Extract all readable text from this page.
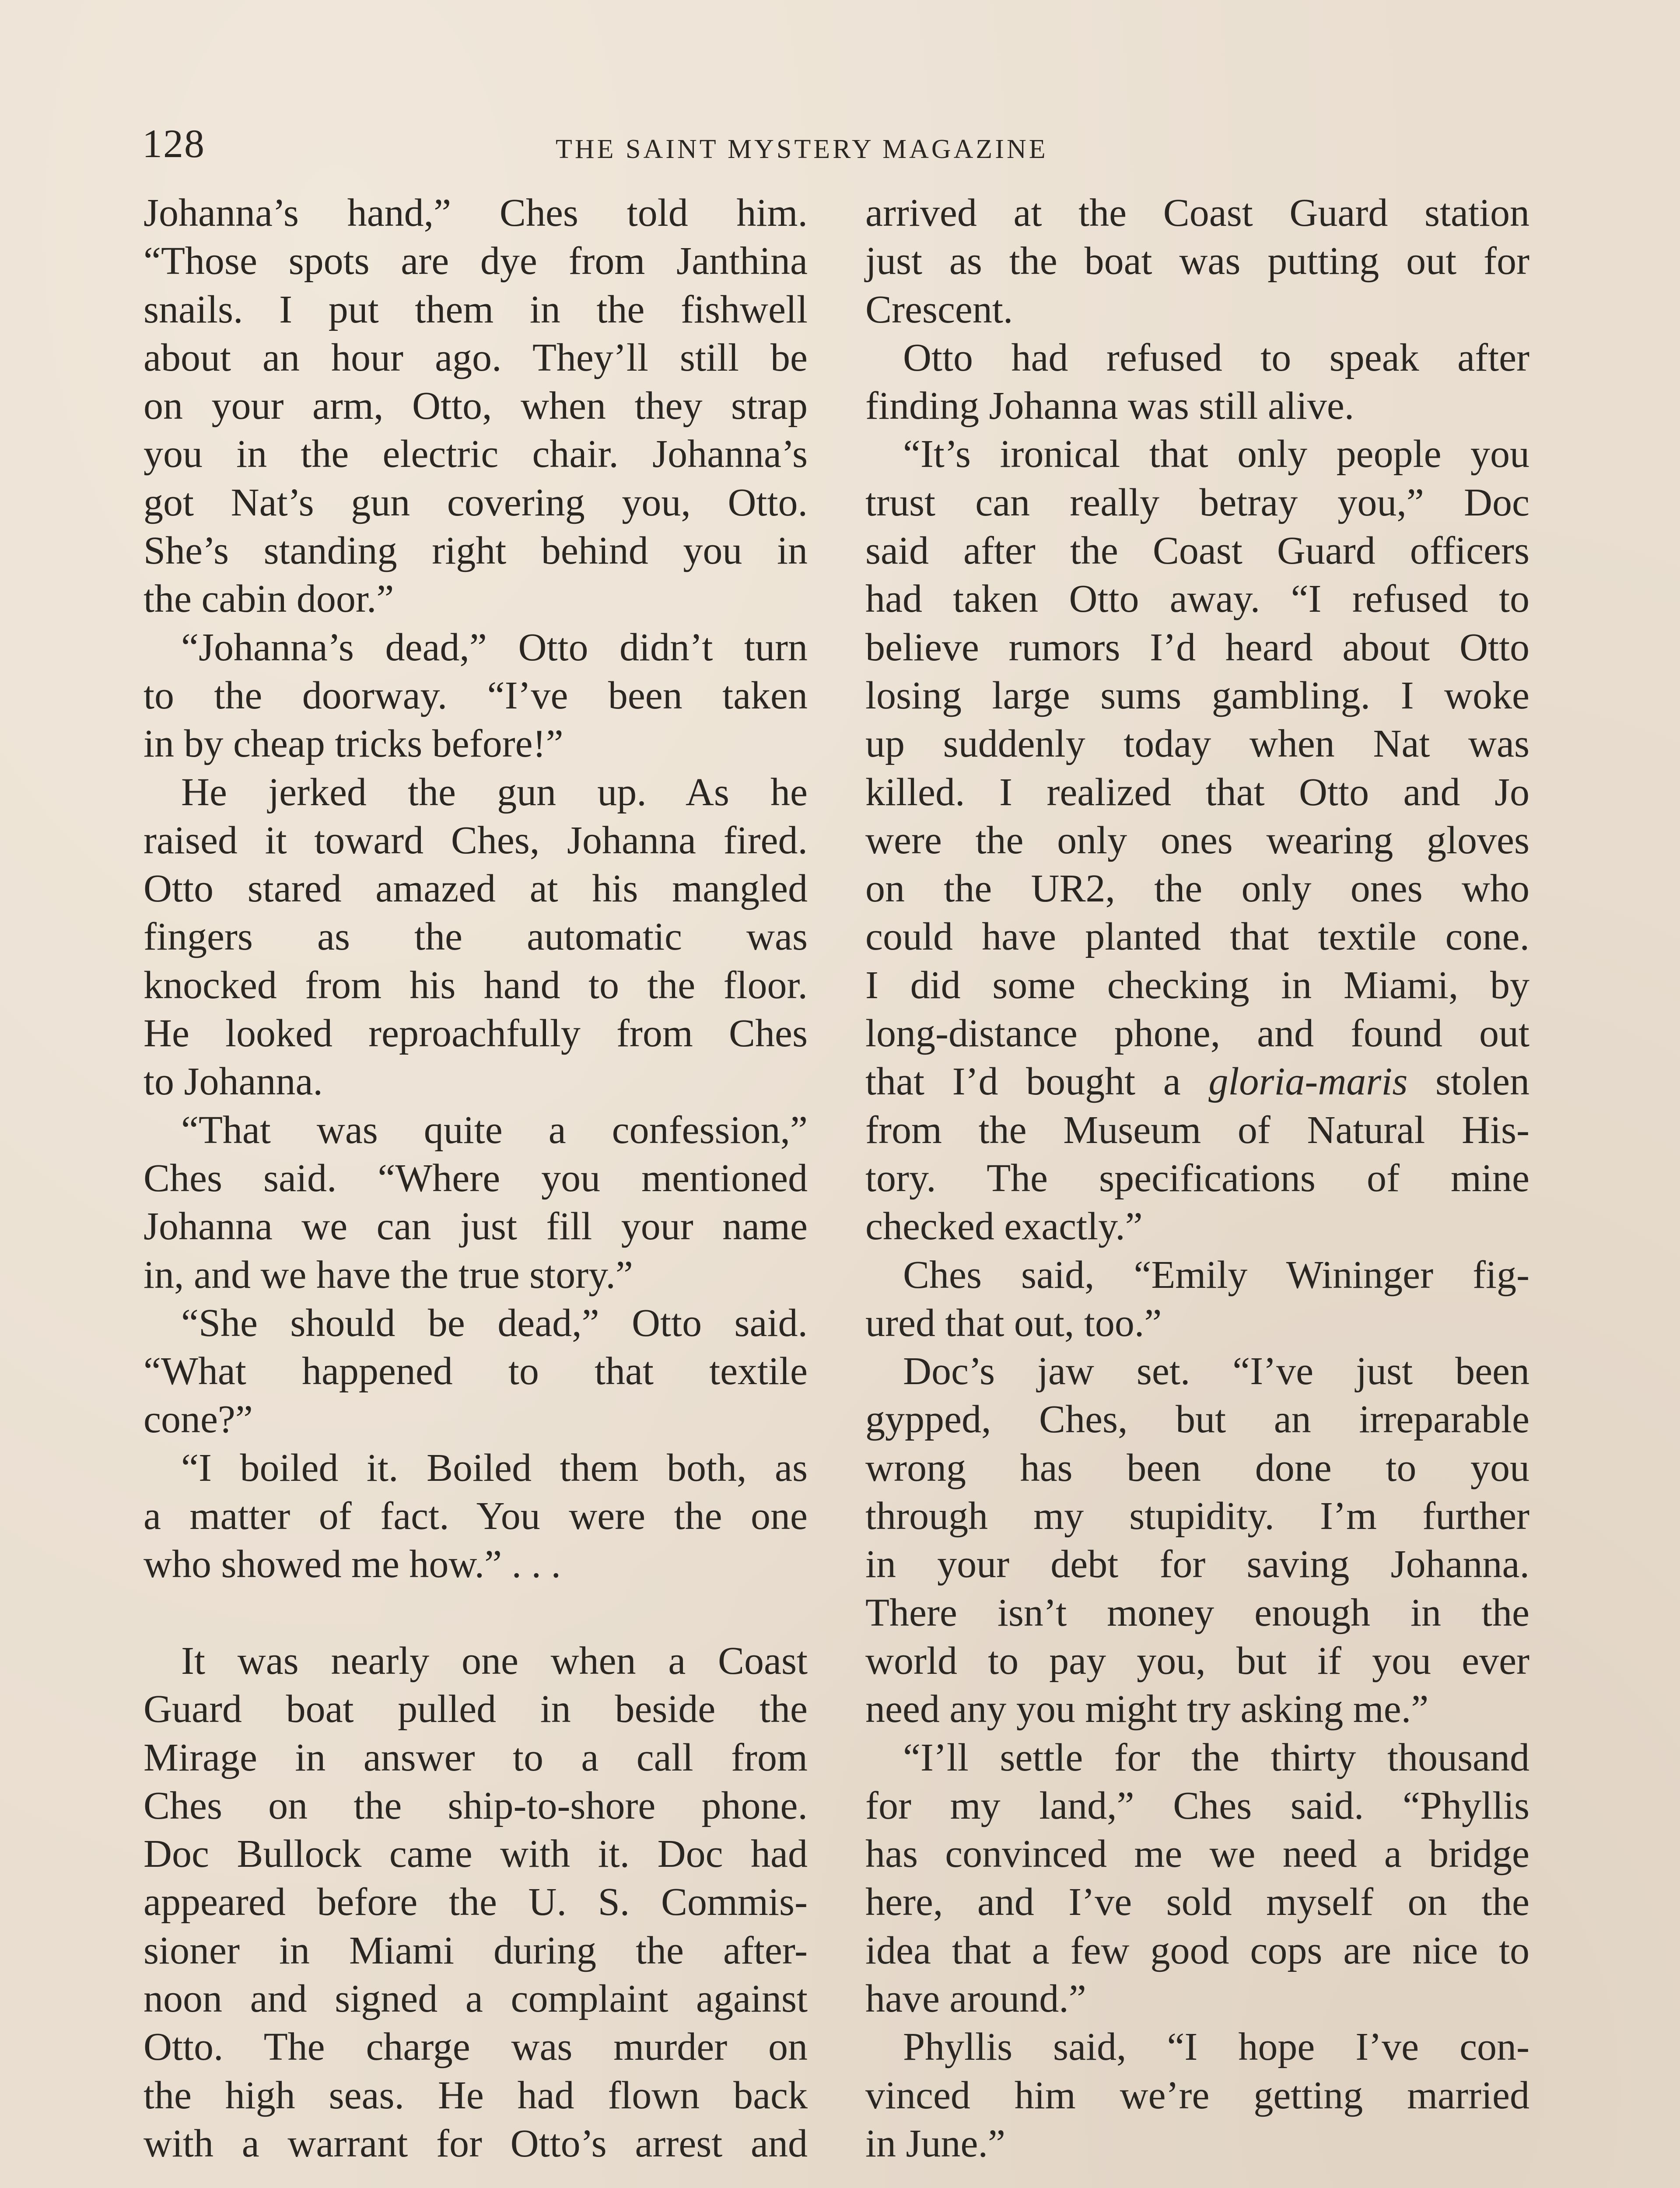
128	THE SAINT MYSTERY MAGAZINE
Johanna’s hand,” Ches told him.
“Those spots are dye from Janthina
snails. I put them in the fishwell
about an hour ago. They’ll still be
on your arm, Otto, when they strap
you in the electric chair. Johanna’s
got Nat’s gun covering you, Otto.
She’s standing right behind you in
the cabin door.”
“Johanna’s dead,” Otto didn’t turn
to the doorway. “I’ve been taken
in by cheap tricks before!”
He jerked the gun up. As he
raised it toward Ches, Johanna fired.
Otto stared amazed at his mangled
fingers as the automatic was
knocked from his hand to the floor.
He looked reproachfully from Ches
to Johanna.
“That was quite a confession,”
Ches said. “Where you mentioned
Johanna we can just fill your name
in, and we have the true story.”
“She should be dead,” Otto said.
“What happened to that textile
cone?”
“I boiled it. Boiled them both, as
a matter of fact. You were the one
who showed me how.” . . .
It was nearly one when a Coast
Guard boat pulled in beside the
Mirage in answer to a call from
Ches on the ship-to-shore phone.
Doc Bullock came with it. Doc had
appeared before the U. S. Commis-
sioner in Miami during the after-
noon and signed a complaint against
Otto. The charge was murder on
the high seas. He had flown back
with a warrant for Otto’s arrest and
arrived at the Coast Guard station
just as the boat was putting out for
Crescent.
Otto had refused to speak after
finding Johanna was still alive.
“It’s ironical that only people you
trust can really betray you,” Doc
said after the Coast Guard officers
had taken Otto away. “I refused to
believe rumors I’d heard about Otto
losing large sums gambling. I woke
up suddenly today when Nat was
killed. I realized that Otto and Jo
were the only ones wearing gloves
on the UR2, the only ones who
could have planted that textile cone.
I did some checking in Miami, by
long-distance phone, and found out
that I’d bought a gloria-maris stolen
from the Museum of Natural His-
tory. The specifications of mine
checked exactly.”
Ches said, “Emily Wininger fig-
ured that out, too.”
Doc’s jaw set. “I’ve just been
gypped, Ches, but an irreparable
wrong has been done to you
through my stupidity. I’m further
in your debt for saving Johanna.
There isn’t money enough in the
world to pay you, but if you ever
need any you might try asking me.”
“I’ll settle for the thirty thousand
for my land,” Ches said. “Phyllis
has convinced me we need a bridge
here, and I’ve sold myself on the
idea that a few good cops are nice to
have around.”
Phyllis said, “I hope I’ve con-
vinced him we’re getting married
in June.”
